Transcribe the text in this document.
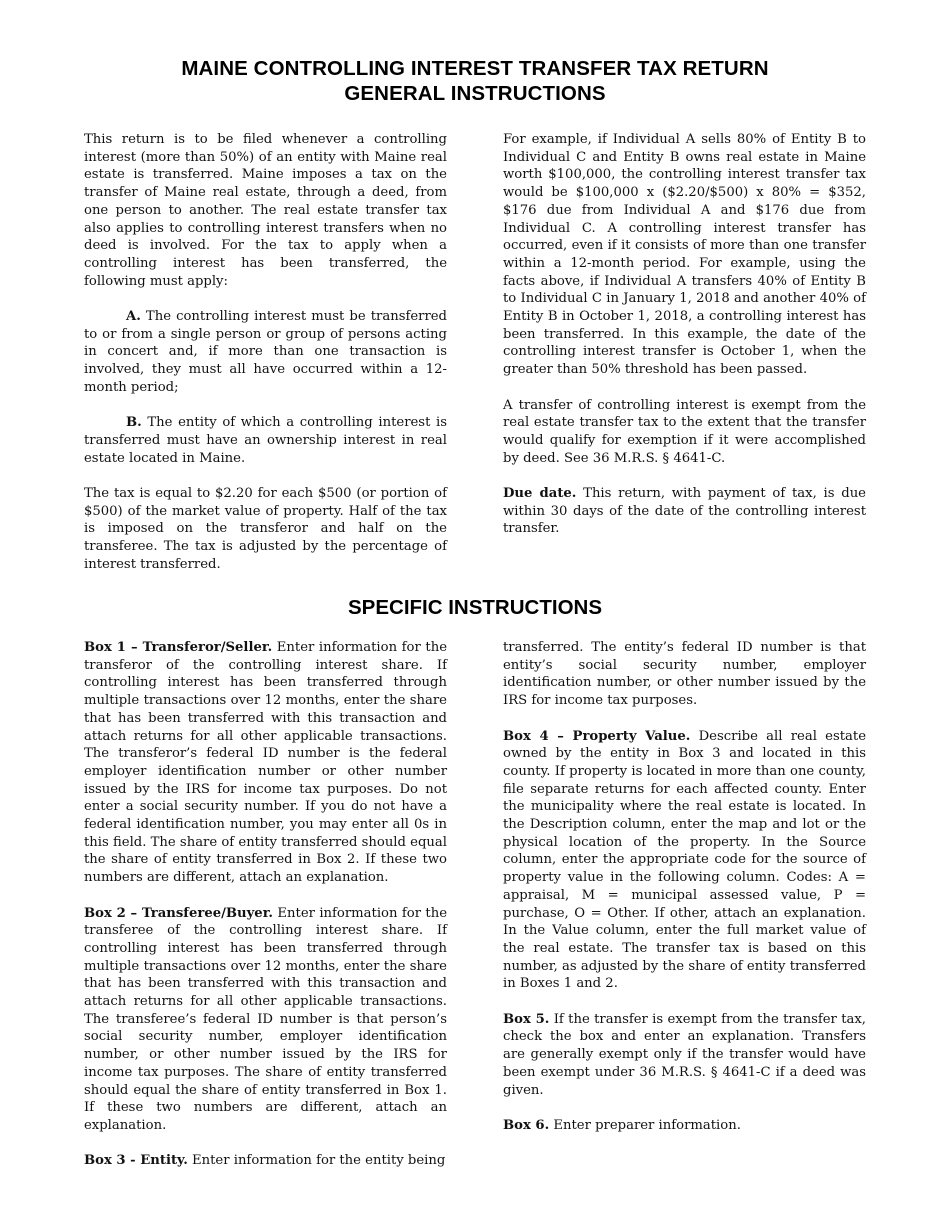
MAINE CONTROLLING INTEREST TRANSFER TAX RETURN
GENERAL INSTRUCTIONS

This return is to be filed whenever a controlling interest (more than 50%) of an entity with Maine real estate is transferred. Maine imposes a tax on the transfer of Maine real estate, through a deed, from one person to another. The real estate transfer tax also applies to controlling interest transfers when no deed is involved. For the tax to apply when a controlling interest has been transferred, the following must apply:

A. The controlling interest must be transferred to or from a single person or group of persons acting in concert and, if more than one transaction is involved, they must all have occurred within a 12-month period;

B. The entity of which a controlling interest is transferred must have an ownership interest in real estate located in Maine.

The tax is equal to $2.20 for each $500 (or portion of $500) of the market value of property. Half of the tax is imposed on the transferor and half on the transferee. The tax is adjusted by the percentage of interest transferred.

For example, if Individual A sells 80% of Entity B to Individual C and Entity B owns real estate in Maine worth $100,000, the controlling interest transfer tax would be $100,000 x ($2.20/$500) x 80% = $352, $176 due from Individual A and $176 due from Individual C. A controlling interest transfer has occurred, even if it consists of more than one transfer within a 12-month period. For example, using the facts above, if Individual A transfers 40% of Entity B to Individual C in January 1, 2018 and another 40% of Entity B in October 1, 2018, a controlling interest has been transferred. In this example, the date of the controlling interest transfer is October 1, when the greater than 50% threshold has been passed.

A transfer of controlling interest is exempt from the real estate transfer tax to the extent that the transfer would qualify for exemption if it were accomplished by deed. See 36 M.R.S. § 4641-C.

Due date. This return, with payment of tax, is due within 30 days of the date of the controlling interest transfer.

SPECIFIC INSTRUCTIONS

Box 1 – Transferor/Seller. Enter information for the transferor of the controlling interest share. If controlling interest has been transferred through multiple transactions over 12 months, enter the share that has been transferred with this transaction and attach returns for all other applicable transactions. The transferor’s federal ID number is the federal employer identification number or other number issued by the IRS for income tax purposes. Do not enter a social security number. If you do not have a federal identification number, you may enter all 0s in this field. The share of entity transferred should equal the share of entity transferred in Box 2. If these two numbers are different, attach an explanation.

Box 2 – Transferee/Buyer. Enter information for the transferee of the controlling interest share. If controlling interest has been transferred through multiple transactions over 12 months, enter the share that has been transferred with this transaction and attach returns for all other applicable transactions. The transferee’s federal ID number is that person’s social security number, employer identification number, or other number issued by the IRS for income tax purposes. The share of entity transferred should equal the share of entity transferred in Box 1. If these two numbers are different, attach an explanation.

Box 3 - Entity. Enter information for the entity being

transferred. The entity’s federal ID number is that entity’s social security number, employer identification number, or other number issued by the IRS for income tax purposes.

Box 4 – Property Value. Describe all real estate owned by the entity in Box 3 and located in this county. If property is located in more than one county, file separate returns for each affected county. Enter the municipality where the real estate is located. In the Description column, enter the map and lot or the physical location of the property. In the Source column, enter the appropriate code for the source of property value in the following column. Codes: A = appraisal, M = municipal assessed value, P = purchase, O = Other. If other, attach an explanation. In the Value column, enter the full market value of the real estate. The transfer tax is based on this number, as adjusted by the share of entity transferred in Boxes 1 and 2.

Box 5. If the transfer is exempt from the transfer tax, check the box and enter an explanation. Transfers are generally exempt only if the transfer would have been exempt under 36 M.R.S. § 4641-C if a deed was given.

Box 6. Enter preparer information.
